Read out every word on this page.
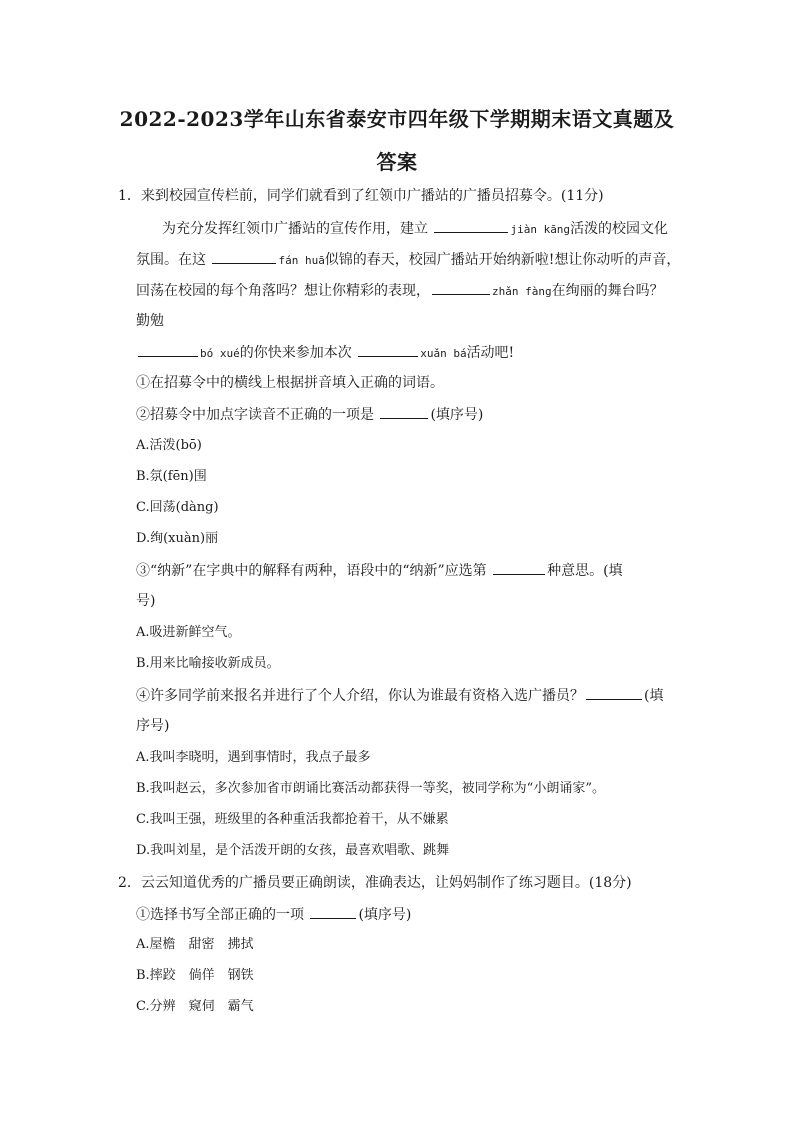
2022-2023学年山东省泰安市四年级下学期期末语文真题及
答案
1．来到校园宣传栏前，同学们就看到了红领巾广播站的广播员招募令。(11分)
为充分发挥红领巾广播站的宣传作用，建立	jiàn kāng活泼的校园文化
氛围。在这	fán huā似锦的春天，校园广播站开始纳新啦!想让你动听的声音，
回荡在校园的每个角落吗？想让你精彩的表现，	zhǎn fàng在绚丽的舞台吗？
勤勉
bó xué的你快来参加本次	xuǎn bá活动吧!
①在招募令中的横线上根据拼音填入正确的词语。
②招募令中加点字读音不正确的一项是	(填序号)
A.活泼(bō)
B.氛(fēn)围
C.回荡(dàng)
D.绚(xuàn)丽
③“纳新”在字典中的解释有两种，语段中的“纳新”应选第	种意思。(填
号)
A.吸进新鲜空气。
B.用来比喻接收新成员。
④许多同学前来报名并进行了个人介绍，你认为谁最有资格入选广播员？	(填
序号)
A.我叫李晓明，遇到事情时，我点子最多
B.我叫赵云，多次参加省市朗诵比赛活动都获得一等奖，被同学称为“小朗诵家”。
C.我叫王强，班级里的各种重活我都抢着干，从不嫌累
D.我叫刘星，是个活泼开朗的女孩，最喜欢唱歌、跳舞
2．云云知道优秀的广播员要正确朗读，准确表达，让妈妈制作了练习题目。(18分)
①选择书写全部正确的一项	(填序号)
A.屋檐　甜密　拂拭
B.摔跤　倘佯　钢铁
C.分辨　窥伺　霸气
